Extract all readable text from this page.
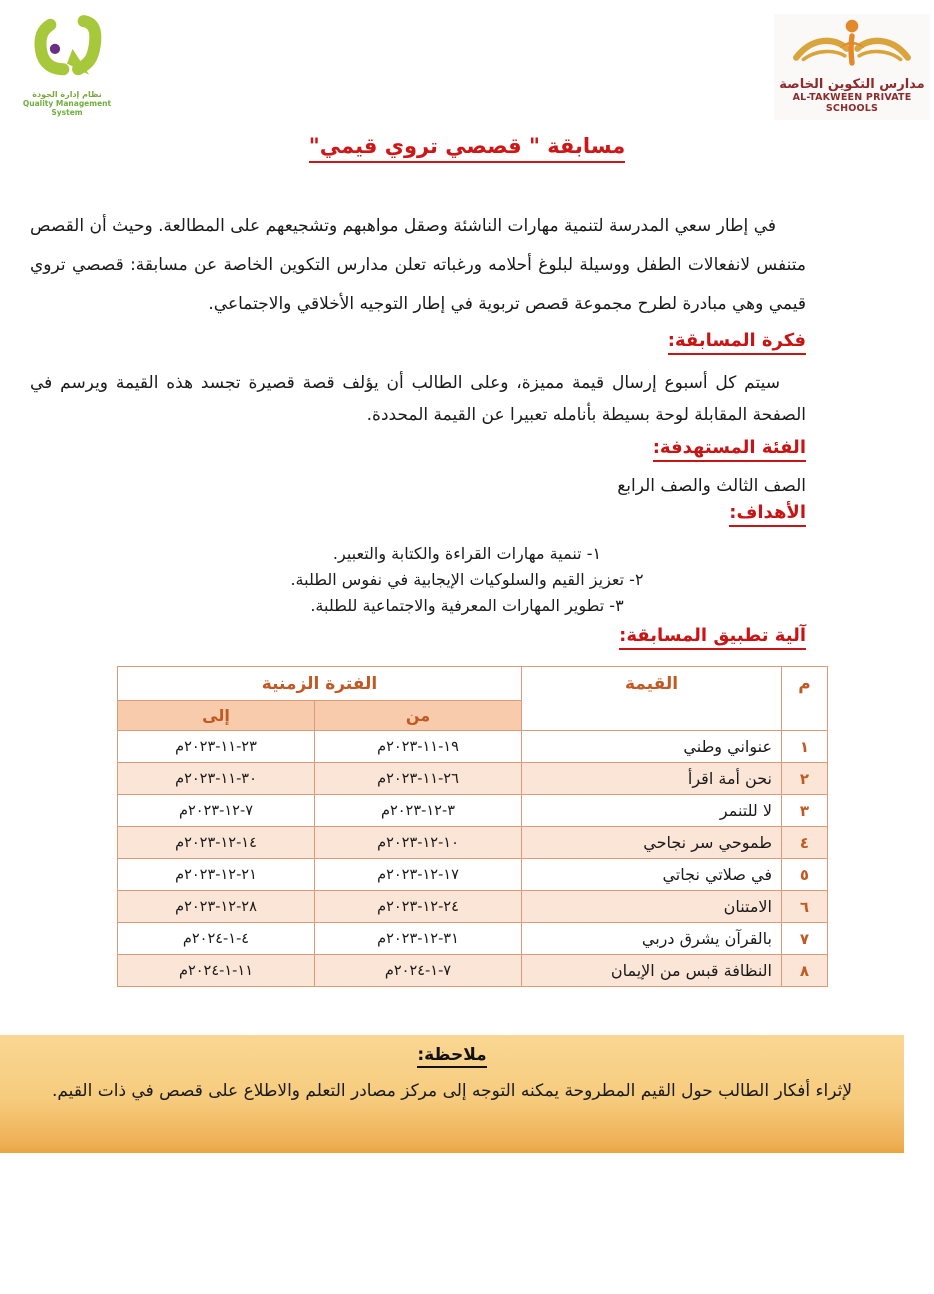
نظام إدارة الجودة
Quality Management System
مدارس التكوين الخاصة
AL-TAKWEEN PRIVATE SCHOOLS
مسابقة " قصصي تروي قيمي"

في إطار سعي المدرسة لتنمية مهارات الناشئة وصقل مواهبهم وتشجيعهم على المطالعة. وحيث أن القصص متنفس لانفعالات الطفل ووسيلة لبلوغ أحلامه ورغباته تعلن مدارس التكوين الخاصة عن مسابقة: قصصي تروي قيمي وهي مبادرة لطرح مجموعة قصص تربوية في إطار التوجيه الأخلاقي والاجتماعي.

فكرة المسابقة:

سيتم كل أسبوع إرسال قيمة مميزة، وعلى الطالب أن يؤلف قصة قصيرة تجسد هذه القيمة ويرسم في الصفحة المقابلة لوحة بسيطة بأنامله تعبيرا عن القيمة المحددة.

الفئة المستهدفة:

الصف الثالث والصف الرابع

الأهداف:
١- تنمية مهارات القراءة والكتابة والتعبير.
٢- تعزيز القيم والسلوكيات الإيجابية في نفوس الطلبة.
٣- تطوير المهارات المعرفية والاجتماعية للطلبة.
آلية تطبيق المسابقة:
م	القيمة	الفترة الزمنية	
		من	إلى
١	عنواني وطني	١٩-١١-٢٠٢٣م	٢٣-١١-٢٠٢٣م
٢	نحن أمة اقرأ	٢٦-١١-٢٠٢٣م	٣٠-١١-٢٠٢٣م
٣	لا للتنمر	٣-١٢-٢٠٢٣م	٧-١٢-٢٠٢٣م
٤	طموحي سر نجاحي	١٠-١٢-٢٠٢٣م	١٤-١٢-٢٠٢٣م
٥	في صلاتي نجاتي	١٧-١٢-٢٠٢٣م	٢١-١٢-٢٠٢٣م
٦	الامتنان	٢٤-١٢-٢٠٢٣م	٢٨-١٢-٢٠٢٣م
٧	بالقرآن يشرق دربي	٣١-١٢-٢٠٢٣م	٤-١-٢٠٢٤م
٨	النظافة قبس من الإيمان	٧-١-٢٠٢٤م	١١-١-٢٠٢٤م
ملاحظة:
لإثراء أفكار الطالب حول القيم المطروحة يمكنه التوجه إلى مركز مصادر التعلم والاطلاع على قصص في ذات القيم.
